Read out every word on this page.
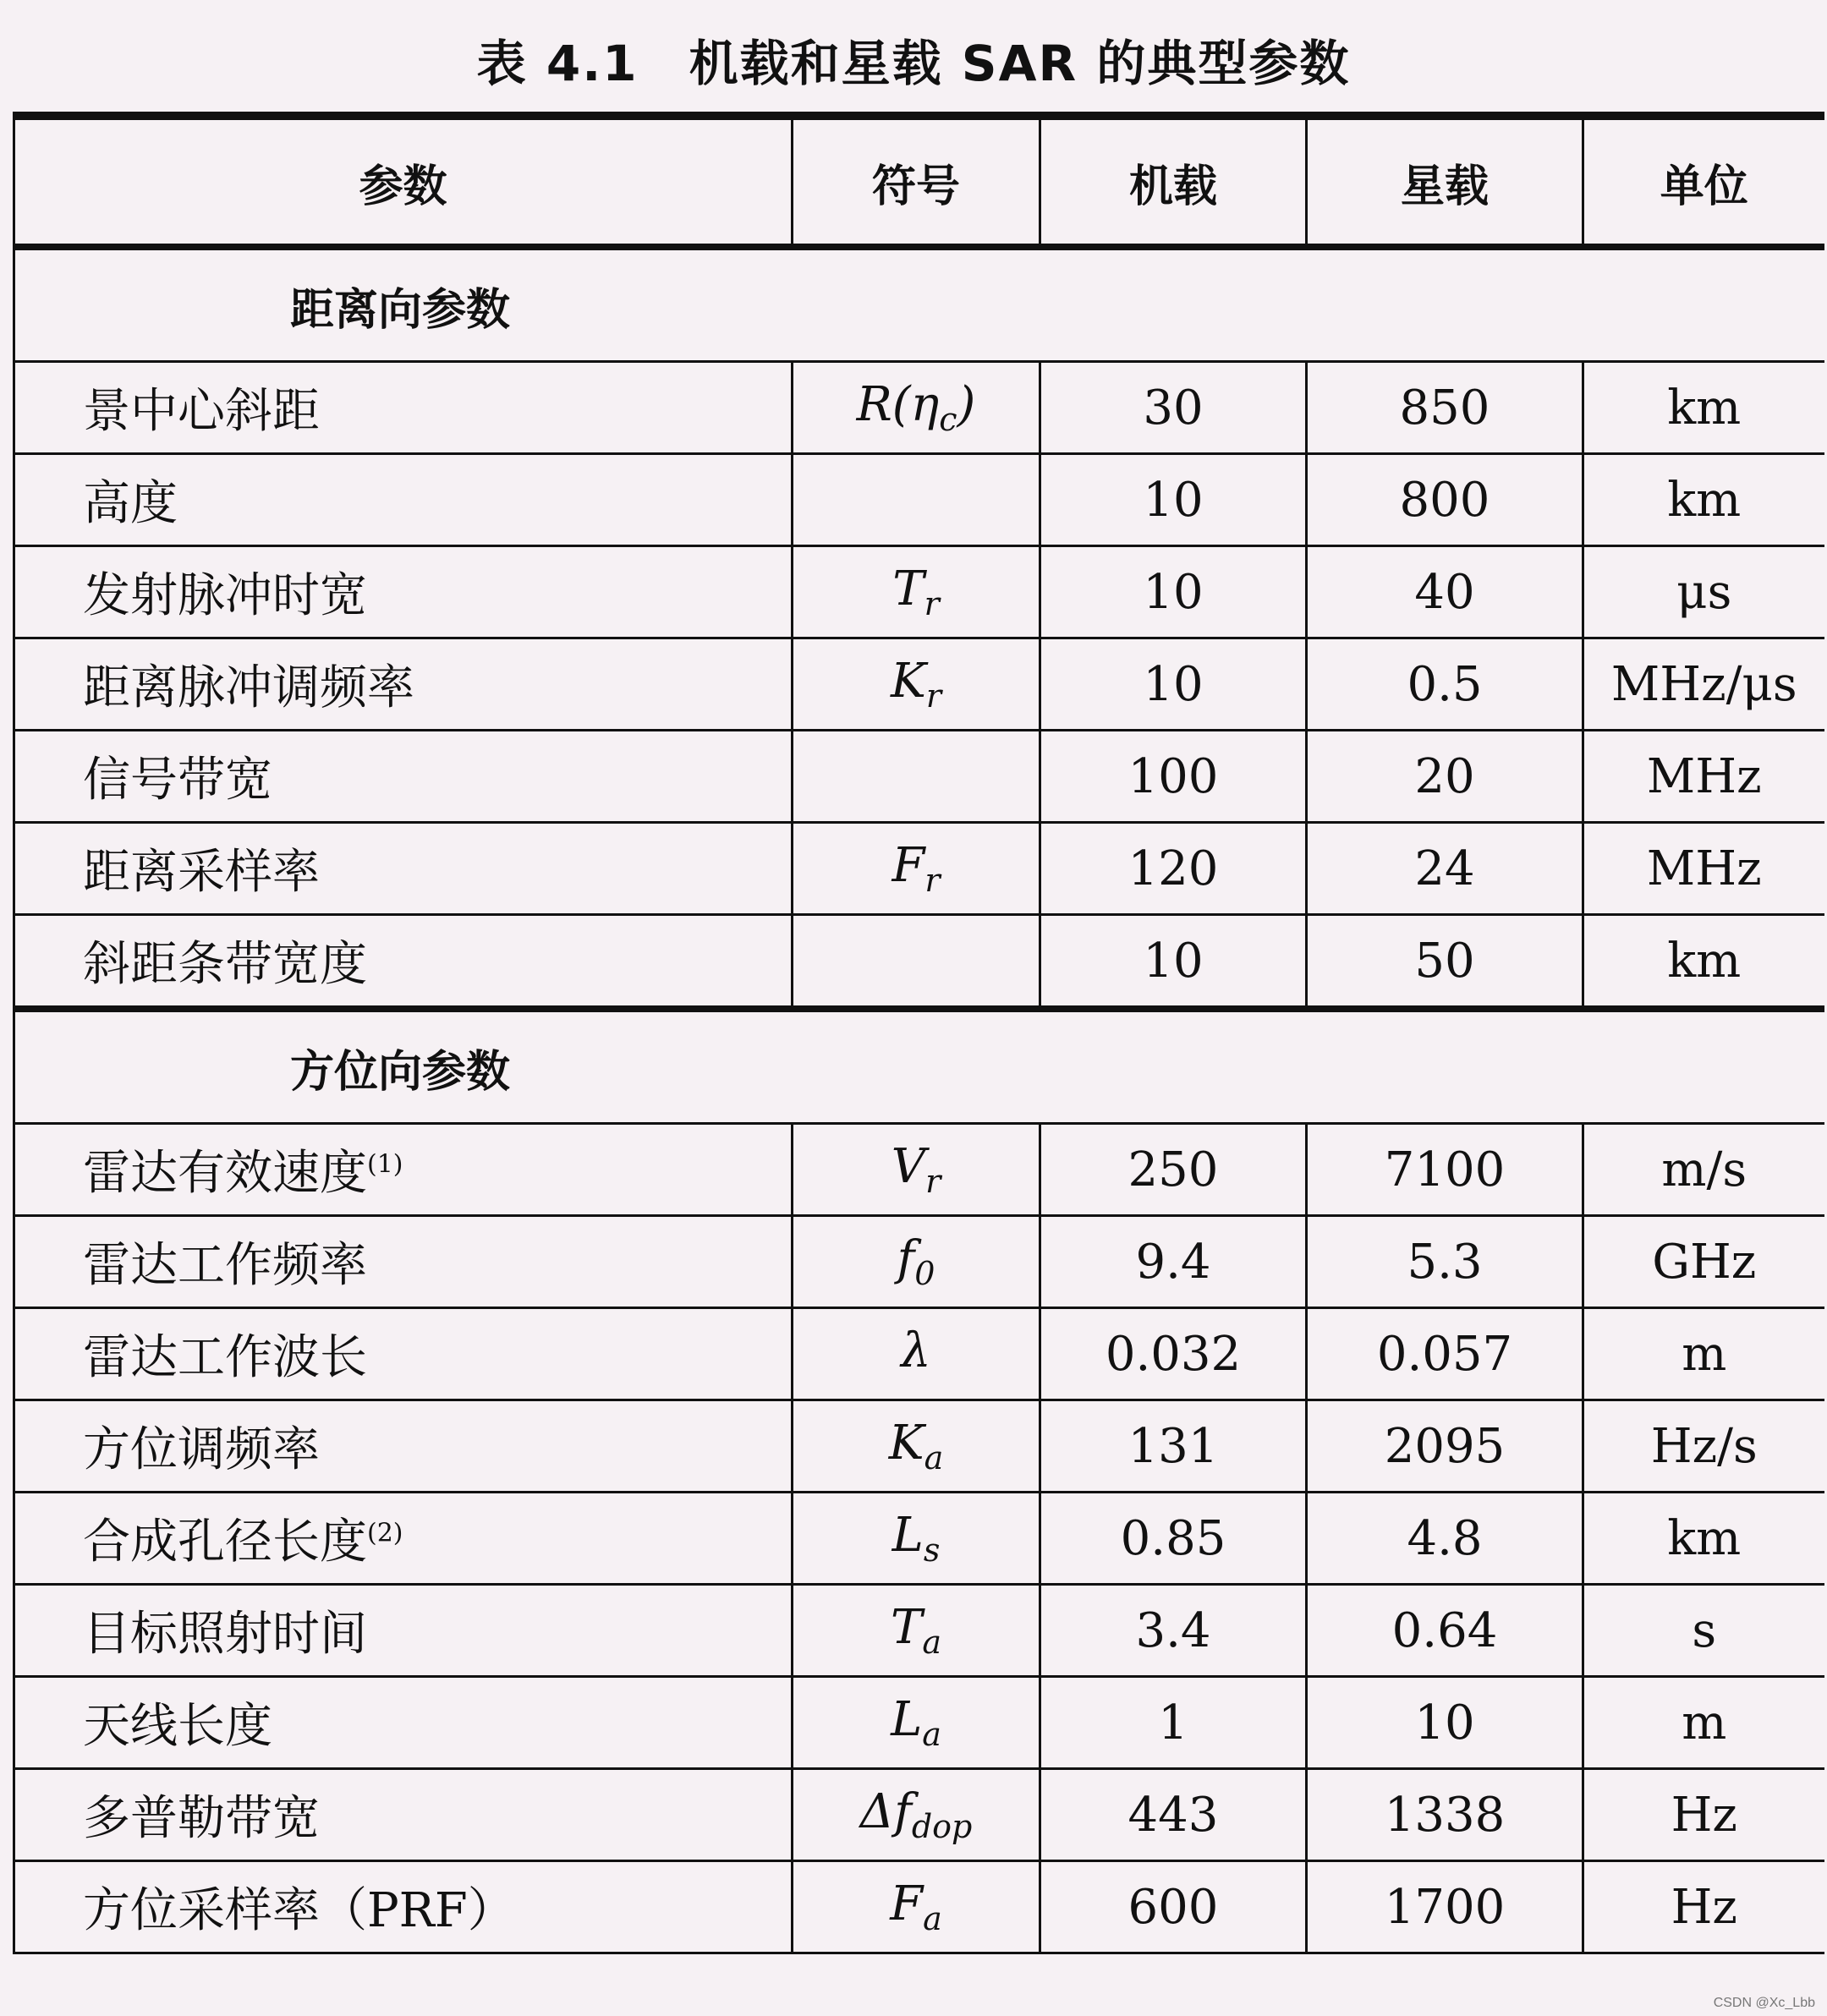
表 4.1　机载和星载 SAR 的典型参数
参数	符号	机载	星载	单位
距离向参数				
景中心斜距	$R(\eta_c)$	30	850	km
高度		10	800	km
发射脉冲时宽	$T_r$	10	40	μs
距离脉冲调频率	$K_r$	10	0.5	MHz/μs
信号带宽		100	20	MHz
距离采样率	$F_r$	120	24	MHz
斜距条带宽度		10	50	km
方位向参数				
雷达有效速度$^{(1)}$	$V_r$	250	7100	m/s
雷达工作频率	$f_0$	9.4	5.3	GHz
雷达工作波长	λ	0.032	0.057	m
方位调频率	$K_a$	131	2095	Hz/s
合成孔径长度$^{(2)}$	$L_s$	0.85	4.8	km
目标照射时间	$T_a$	3.4	0.64	s
天线长度	$L_a$	1	10	m
多普勒带宽	$\Delta f_{dop}$	443	1338	Hz
方位采样率（PRF）	$F_a$	600	1700	Hz
CSDN @Xc_Lbb
